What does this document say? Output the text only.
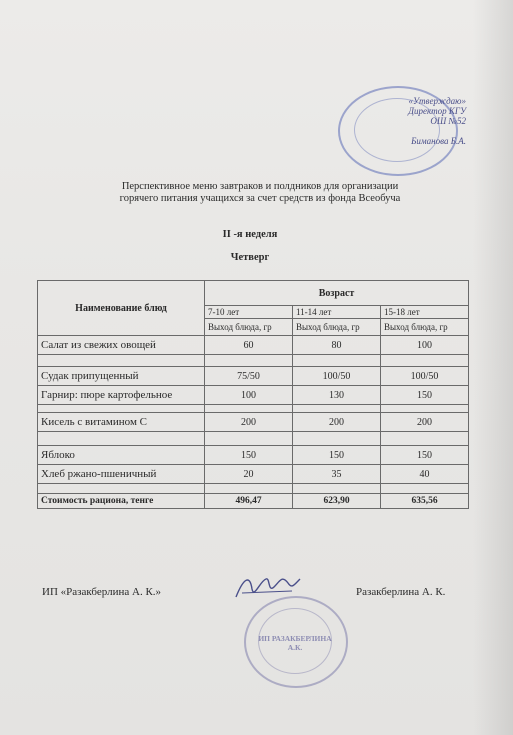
«Утверждаю»
Директор КГУ
ОШ №52
Биманова Б.А.
Перспективное меню завтраков и полдников для организации
горячего питания учащихся за счет средств из фонда Всеобуча
II -я неделя
Четверг
Наименование блюд	Возраст		
	7-10 лет	11-14 лет	15-18 лет
	Выход блюда, гр	Выход блюда, гр	Выход блюда, гр
Салат из свежих овощей	60	80	100

Судак припущенный	75/50	100/50	100/50
Гарнир: пюре картофельное	100	130	150

Кисель с витамином С	200	200	200

Яблоко	150	150	150
Хлеб ржано-пшеничный	20	35	40

Стоимость рациона, тенге	496,47	623,90	635,56
ИП «Разакберлина А. К.»	Разакберлина А. К.
ИП РАЗАКБЕРЛИНА А.К.
